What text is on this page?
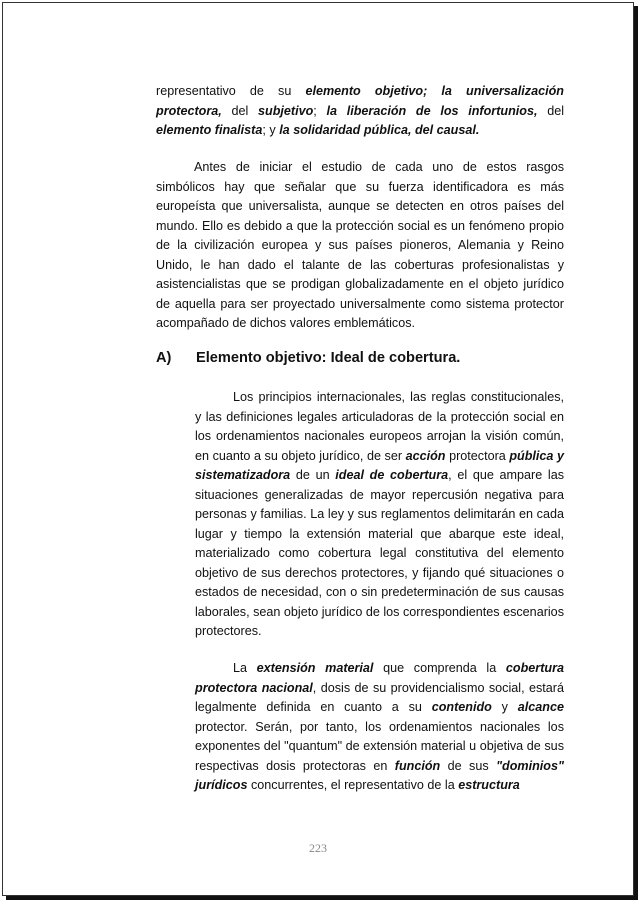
representativo de su elemento objetivo; la universalización protectora, del subjetivo; la liberación de los infortunios, del elemento finalista; y la solidaridad pública, del causal.

Antes de iniciar el estudio de cada uno de estos rasgos simbólicos hay que señalar que su fuerza identificadora es más europeísta que universalista, aunque se detecten en otros países del mundo. Ello es debido a que la protección social es un fenómeno propio de la civilización europea y sus países pioneros, Alemania y Reino Unido, le han dado el talante de las coberturas profesionalistas y asistencialistas que se prodigan globalizadamente en el objeto jurídico de aquella para ser proyectado universalmente como sistema protector acompañado de dichos valores emblemáticos.

A) Elemento objetivo: Ideal de cobertura.

Los principios internacionales, las reglas constitucionales, y las definiciones legales articuladoras de la protección social en los ordenamientos nacionales europeos arrojan la visión común, en cuanto a su objeto jurídico, de ser acción protectora pública y sistematizadora de un ideal de cobertura, el que ampare las situaciones generalizadas de mayor repercusión negativa para personas y familias. La ley y sus reglamentos delimitarán en cada lugar y tiempo la extensión material que abarque este ideal, materializado como cobertura legal constitutiva del elemento objetivo de sus derechos protectores, y fijando qué situaciones o estados de necesidad, con o sin predeterminación de sus causas laborales, sean objeto jurídico de los correspondientes escenarios protectores.

La extensión material que comprenda la cobertura protectora nacional, dosis de su providencialismo social, estará legalmente definida en cuanto a su contenido y alcance protector. Serán, por tanto, los ordenamientos nacionales los exponentes del "quantum" de extensión material u objetiva de sus respectivas dosis protectoras en función de sus "dominios" jurídicos concurrentes, el representativo de la estructura

223
